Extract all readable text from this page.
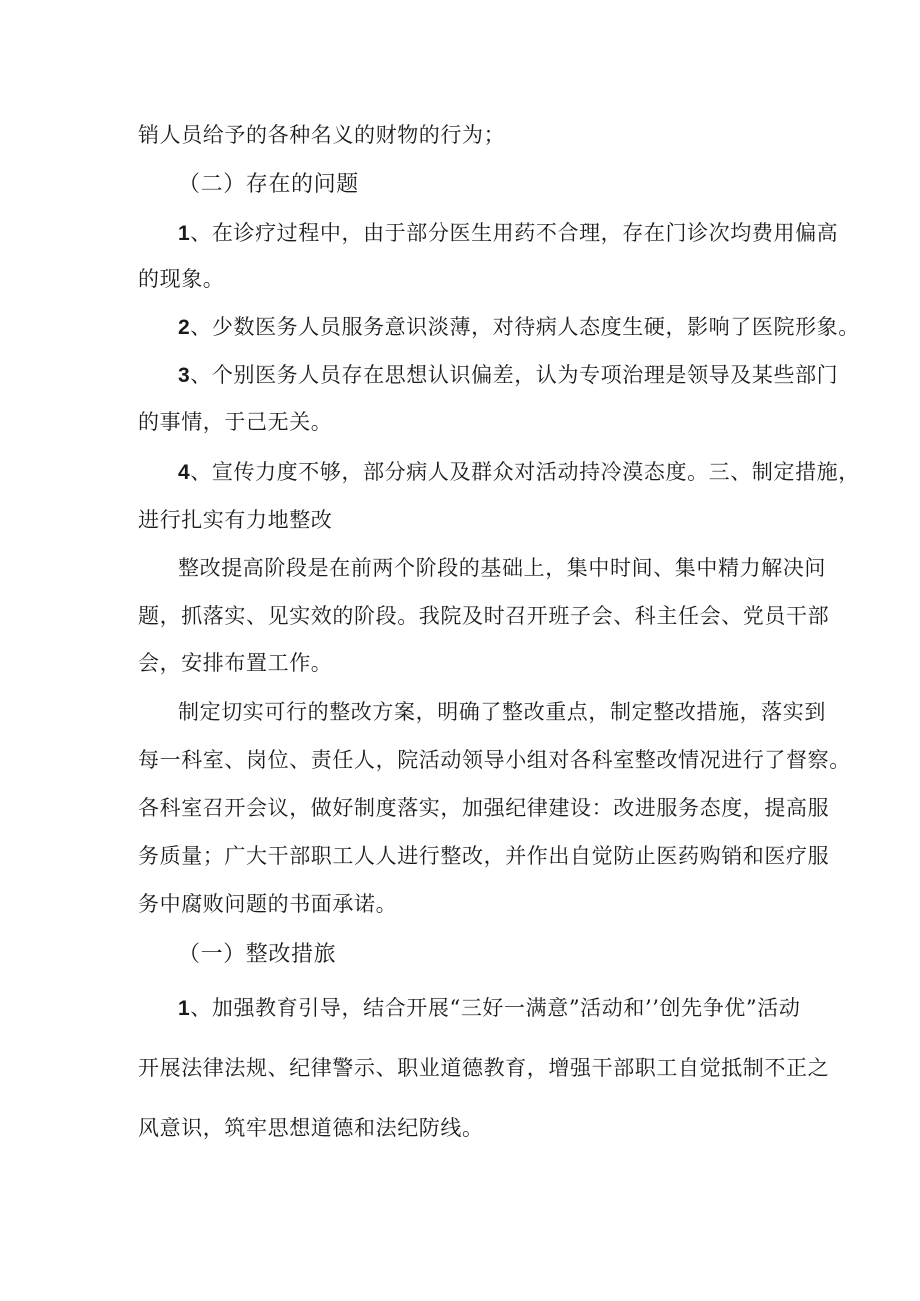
销人员给予的各种名义的财物的行为；

（二）存在的问题

1、在诊疗过程中，由于部分医生用药不合理，存在门诊次均费用偏高

的现象。

2、少数医务人员服务意识淡薄，对待病人态度生硬，影响了医院形象。

3、个别医务人员存在思想认识偏差，认为专项治理是领导及某些部门

的事情，于己无关。

4、宣传力度不够，部分病人及群众对活动持冷漠态度。三、制定措施，

进行扎实有力地整改

整改提高阶段是在前两个阶段的基础上，集中时间、集中精力解决问

题，抓落实、见实效的阶段。我院及时召开班子会、科主任会、党员干部

会，安排布置工作。

制定切实可行的整改方案，明确了整改重点，制定整改措施，落实到

每一科室、岗位、责任人，院活动领导小组对各科室整改情况进行了督察。

各科室召开会议，做好制度落实，加强纪律建设：改进服务态度，提高服

务质量；广大干部职工人人进行整改，并作出自觉防止医药购销和医疗服

务中腐败问题的书面承诺。

（一）整改措旅

1、加强教育引导，结合开展“三好一满意”活动和’’创先争优”活动

开展法律法规、纪律警示、职业道德教育，增强干部职工自觉抵制不正之

风意识，筑牢思想道德和法纪防线。
